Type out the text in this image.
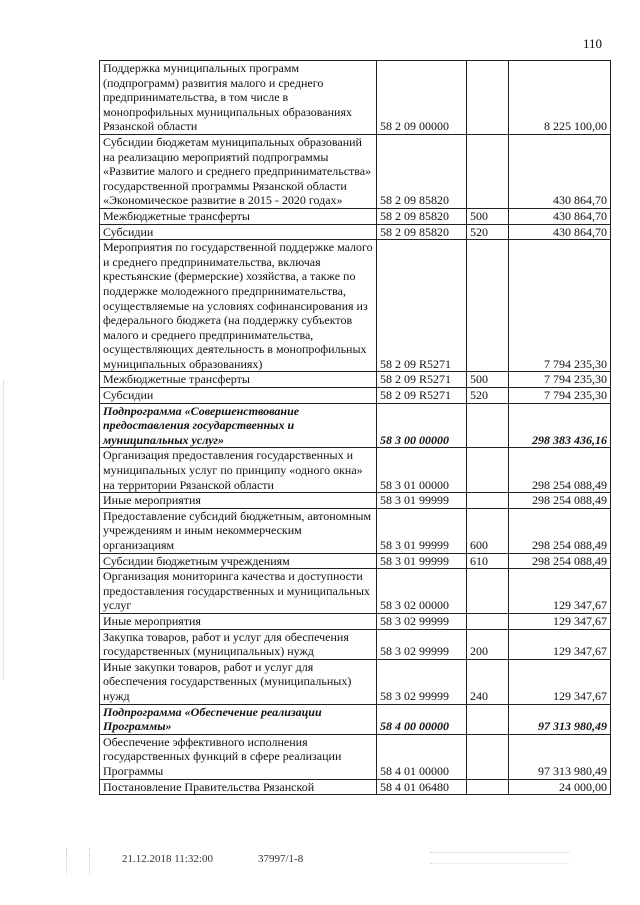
110
Поддержка муниципальных программ (подпрограмм) развития малого и среднего предпринимательства, в том числе в монопрофильных муниципальных образованиях Рязанской области	58 2 09 00000		8 225 100,00
Субсидии бюджетам муниципальных образований на реализацию мероприятий подпрограммы «Развитие малого и среднего предпринимательства» государственной программы Рязанской области «Экономическое развитие в 2015 - 2020 годах»	58 2 09 85820		430 864,70
Межбюджетные трансферты	58 2 09 85820	500	430 864,70
Субсидии	58 2 09 85820	520	430 864,70
Мероприятия по государственной поддержке малого и среднего предпринимательства, включая крестьянские (фермерские) хозяйства, а также по поддержке молодежного предпринимательства, осуществляемые на условиях софинансирования из федерального бюджета (на поддержку субъектов малого и среднего предпринимательства, осуществляющих деятельность в монопрофильных муниципальных образованиях)	58 2 09 R5271		7 794 235,30
Межбюджетные трансферты	58 2 09 R5271	500	7 794 235,30
Субсидии	58 2 09 R5271	520	7 794 235,30
Подпрограмма «Совершенствование предоставления государственных и муниципальных услуг»	58 3 00 00000		298 383 436,16
Организация предоставления государственных и муниципальных услуг по принципу «одного окна» на территории Рязанской области	58 3 01 00000		298 254 088,49
Иные мероприятия	58 3 01 99999		298 254 088,49
Предоставление субсидий бюджетным, автономным учреждениям и иным некоммерческим организациям	58 3 01 99999	600	298 254 088,49
Субсидии бюджетным учреждениям	58 3 01 99999	610	298 254 088,49
Организация мониторинга качества и доступности предоставления государственных и муниципальных услуг	58 3 02 00000		129 347,67
Иные мероприятия	58 3 02 99999		129 347,67
Закупка товаров, работ и услуг для обеспечения государственных (муниципальных) нужд	58 3 02 99999	200	129 347,67
Иные закупки товаров, работ и услуг для обеспечения государственных (муниципальных) нужд	58 3 02 99999	240	129 347,67
Подпрограмма «Обеспечение реализации Программы»	58 4 00 00000		97 313 980,49
Обеспечение эффективного исполнения государственных функций в сфере реализации Программы	58 4 01 00000		97 313 980,49
Постановление Правительства Рязанской	58 4 01 06480		24 000,00
21.12.2018 11:32:00	37997/1-8
